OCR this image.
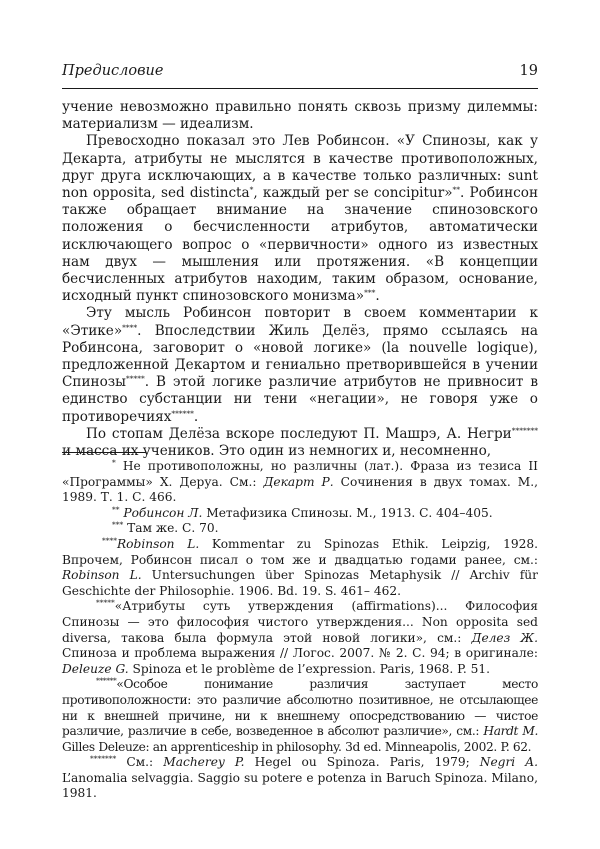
Предисловие	19

учение невозможно правильно понять сквозь призму дилеммы: материализм — идеализм.

Превосходно показал это Лев Робинсон. «У Спинозы, как у Декарта, атрибуты не мыслятся в качестве противоположных, друг друга исключающих, а в качестве только различных: sunt non opposita, sed distincta*, каждый per se concipitur»**. Робинсон также обращает внимание на значение спинозовского положения о бесчисленности атрибутов, автоматически исключающего вопрос о «первичности» одного из известных нам двух — мышления или протяжения. «В концепции бесчисленных атрибутов находим, таким образом, основание, исходный пункт спинозовского монизма»***.

Эту мысль Робинсон повторит в своем комментарии к «Этике»****. Впоследствии Жиль Делёз, прямо ссылаясь на Робинсона, заговорит о «новой логике» (la nouvelle logique), предложенной Декартом и гениально претворившейся в учении Спинозы*****. В этой логике различие атрибутов не привносит в единство субстанции ни тени «негации», не говоря уже о противоречиях******.

По стопам Делёза вскоре последуют П. Машрэ, А. Негри******* и масса их учеников. Это один из немногих и, несомненно,

* Не противоположны, но различны (лат.). Фраза из тезиса II «Программы» Х. Деруа. См.: Декарт Р. Сочинения в двух томах. М., 1989. Т. 1. С. 466.

** Робинсон Л. Метафизика Спинозы. М., 1913. С. 404–405.

*** Там же. С. 70.

****Robinson L. Kommentar zu Spinozas Ethik. Leipzig, 1928. Впрочем, Робинсон писал о том же и двадцатью годами ранее, см.: Robinson L. Untersuchungen über Spinozas Metaphysik // Archiv für Geschichte der Philosophie. 1906. Bd. 19. S. 461– 462.

*****«Атрибуты суть утверждения (affirmations)... Философия Спинозы — это философия чистого утверждения... Non opposita sed diversa, такова была формула этой новой логики», см.: Делез Ж. Спиноза и проблема выражения // Логос. 2007. № 2. С. 94; в оригинале: Deleuze G. Spinoza et le problème de l’expression. Paris, 1968. P. 51.

******«Особое понимание различия заступает место противоположности: это различие абсолютно позитивное, не отсылающее ни к внешней причине, ни к внешнему опосредствованию — чистое различие, различие в себе, возведенное в абсолют различие», см.: Hardt M. Gilles Deleuze: an apprenticeship in philosophy. 3d ed. Minneapolis, 2002. P. 62.

******* См.: Macherey P. Hegel ou Spinoza. Paris, 1979; Negri A. L’anomalia selvaggia. Saggio su potere e potenza in Baruch Spinoza. Milano, 1981.
